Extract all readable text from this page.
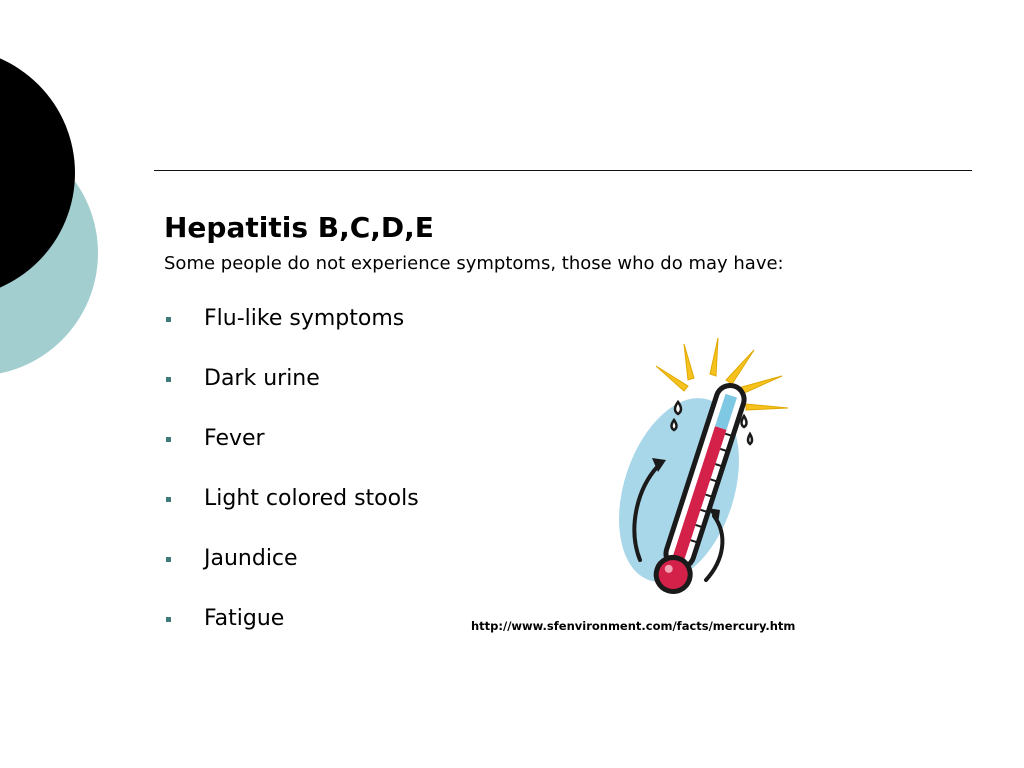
Hepatitis B,C,D,E

Some people do not experience symptoms, those who do may have:

Flu-like symptoms
Dark urine
Fever
Light colored stools
Jaundice
Fatigue	http://www.sfenvironment.com/facts/mercury.htm
